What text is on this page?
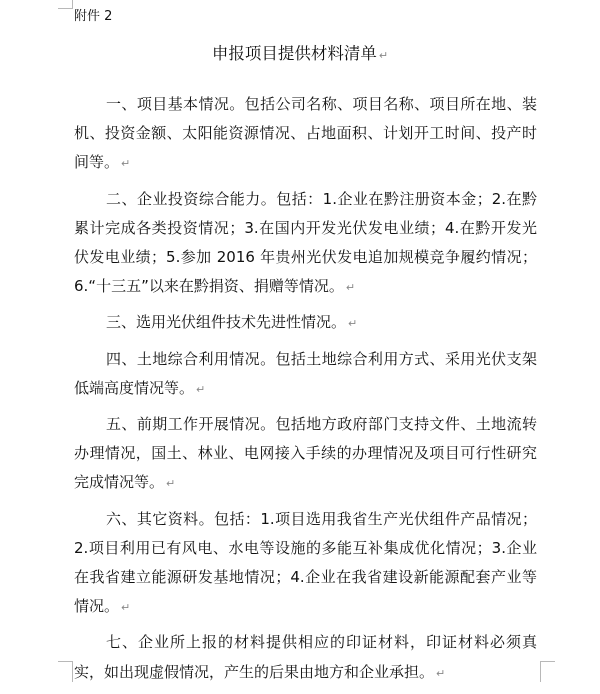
附件 2
申报项目提供材料清单 ↵

一、项目基本情况。包括公司名称、项目名称、项目所在地、装机、投资金额、太阳能资源情况、占地面积、计划开工时间、投产时间等。 ↵

二、企业投资综合能力。包括：1.企业在黔注册资本金；2.在黔累计完成各类投资情况；3.在国内开发光伏发电业绩；4.在黔开发光伏发电业绩；5.参加 2016 年贵州光伏发电追加规模竞争履约情况；6.“十三五”以来在黔捐资、捐赠等情况。 ↵

三、选用光伏组件技术先进性情况。 ↵

四、土地综合利用情况。包括土地综合利用方式、采用光伏支架低端高度情况等。 ↵

五、前期工作开展情况。包括地方政府部门支持文件、土地流转办理情况，国土、林业、电网接入手续的办理情况及项目可行性研究完成情况等。 ↵

六、其它资料。包括：1.项目选用我省生产光伏组件产品情况；2.项目利用已有风电、水电等设施的多能互补集成优化情况；3.企业在我省建立能源研发基地情况；4.企业在我省建设新能源配套产业等情况。 ↵

七、企业所上报的材料提供相应的印证材料，印证材料必须真实，如出现虚假情况，产生的后果由地方和企业承担。 ↵
